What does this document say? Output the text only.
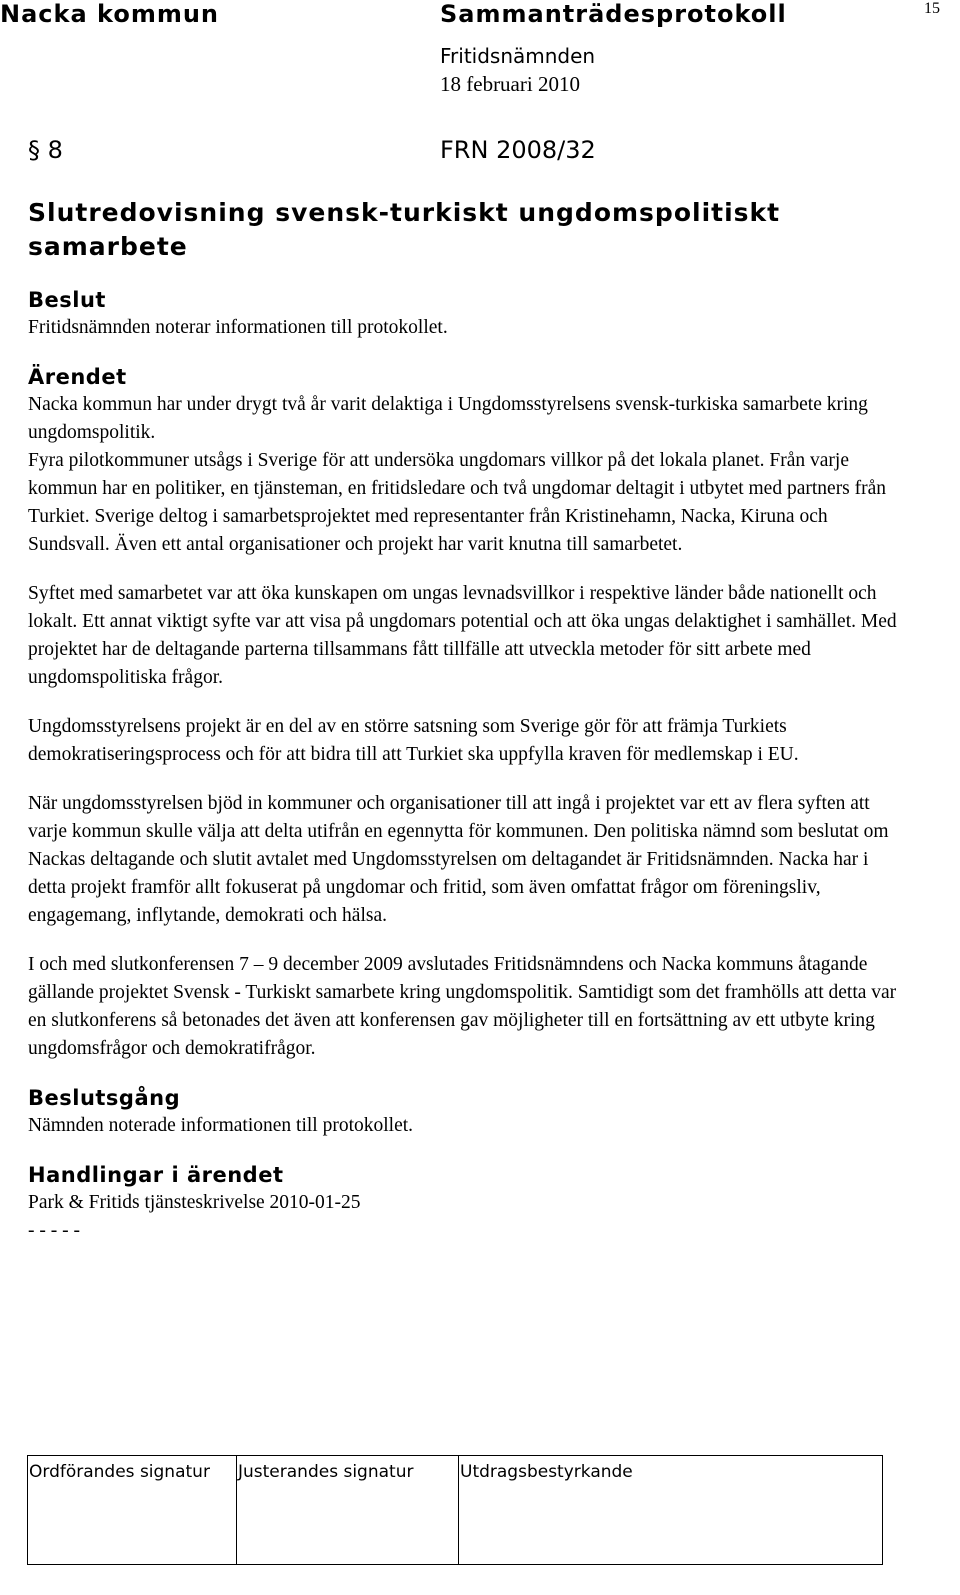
Nacka kommun	Sammanträdesprotokoll	15
Fritidsnämnden
18 februari 2010
§ 8	FRN 2008/32
Slutredovisning svensk-turkiskt ungdomspolitiskt samarbete
Beslut
Fritidsnämnden noterar informationen till protokollet.
Ärendet
Nacka kommun har under drygt två år varit delaktiga i Ungdomsstyrelsens svensk-turkiska samarbete kring ungdomspolitik.
Fyra pilotkommuner utsågs i Sverige för att undersöka ungdomars villkor på det lokala planet. Från varje kommun har en politiker, en tjänsteman, en fritidsledare och två ungdomar deltagit i utbytet med partners från Turkiet. Sverige deltog i samarbetsprojektet med representanter från Kristinehamn, Nacka, Kiruna och Sundsvall. Även ett antal organisationer och projekt har varit knutna till samarbetet.
Syftet med samarbetet var att öka kunskapen om ungas levnadsvillkor i respektive länder både nationellt och lokalt. Ett annat viktigt syfte var att visa på ungdomars potential och att öka ungas delaktighet i samhället. Med projektet har de deltagande parterna tillsammans fått tillfälle att utveckla metoder för sitt arbete med ungdomspolitiska frågor.
Ungdomsstyrelsens projekt är en del av en större satsning som Sverige gör för att främja Turkiets demokratiseringsprocess och för att bidra till att Turkiet ska uppfylla kraven för medlemskap i EU.
När ungdomsstyrelsen bjöd in kommuner och organisationer till att ingå i projektet var ett av flera syften att varje kommun skulle välja att delta utifrån en egennytta för kommunen. Den politiska nämnd som beslutat om Nackas deltagande och slutit avtalet med Ungdomsstyrelsen om deltagandet är Fritidsnämnden. Nacka har i detta projekt framför allt fokuserat på ungdomar och fritid, som även omfattat frågor om föreningsliv, engagemang, inflytande, demokrati och hälsa.
I och med slutkonferensen 7 – 9 december 2009 avslutades Fritidsnämndens och Nacka kommuns åtagande gällande projektet Svensk - Turkiskt samarbete kring ungdomspolitik. Samtidigt som det framhölls att detta var en slutkonferens så betonades det även att konferensen gav möjligheter till en fortsättning av ett utbyte kring ungdomsfrågor och demokratifrågor.
Beslutsgång
Nämnden noterade informationen till protokollet.
Handlingar i ärendet
Park & Fritids tjänsteskrivelse 2010-01-25
- - - - -
Ordförandes signatur	Justerandes signatur	Utdragsbestyrkande
